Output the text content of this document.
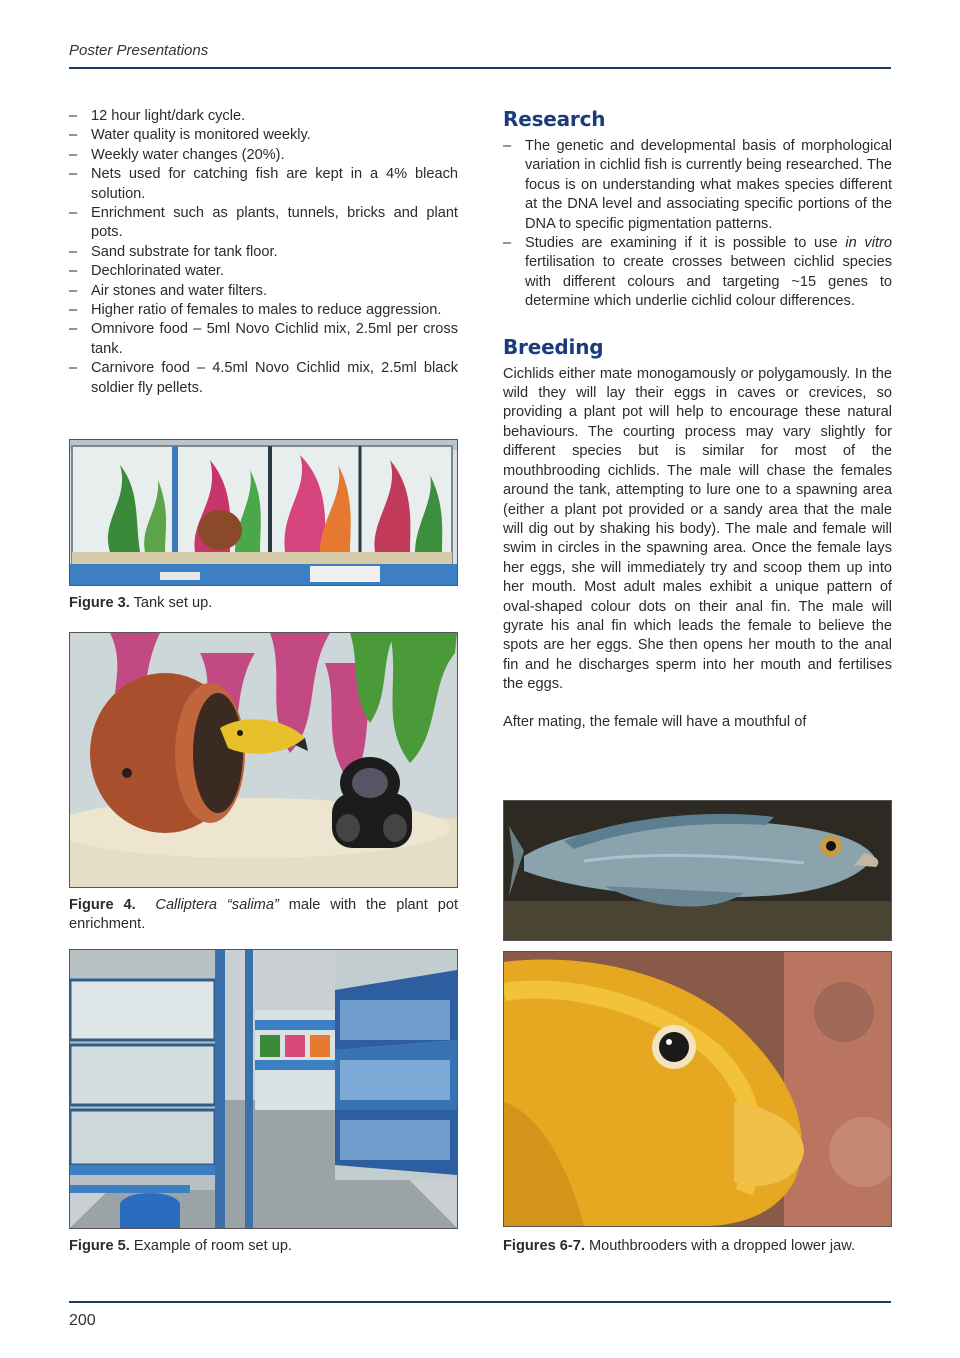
Poster Presentations
– 12 hour light/dark cycle.
– Water quality is monitored weekly.
– Weekly water changes (20%).
– Nets used for catching fish are kept in a 4% bleach solution.
– Enrichment such as plants, tunnels, bricks and plant pots.
– Sand substrate for tank floor.
– Dechlorinated water.
– Air stones and water filters.
– Higher ratio of females to males to reduce aggression.
– Omnivore food – 5ml Novo Cichlid mix, 2.5ml per cross tank.
– Carnivore food – 4.5ml Novo Cichlid mix, 2.5ml black soldier fly pellets.
Figure 3. Tank set up.
Figure 4. Calliptera “salima” male with the plant pot enrichment.
Figure 5. Example of room set up.
Research
– The genetic and developmental basis of morphological variation in cichlid fish is currently being researched. The focus is on understanding what makes species different at the DNA level and associating specific portions of the DNA to specific pigmentation patterns.
– Studies are examining if it is possible to use in vitro fertilisation to create crosses between cichlid species with different colours and targeting ~15 genes to determine which underlie cichlid colour differences.
Breeding

Cichlids either mate monogamously or polygamously. In the wild they will lay their eggs in caves or crevices, so providing a plant pot will help to encourage these natural behaviours. The courting process may vary slightly for different species but is similar for most of the mouthbrooding cichlids. The male will chase the females around the tank, attempting to lure one to a spawning area (either a plant pot provided or a sandy area that the male will dig out by shaking his body). The male and female will swim in circles in the spawning area. Once the female lays her eggs, she will immediately try and scoop them up into her mouth. Most adult males exhibit a unique pattern of oval-shaped colour dots on their anal fin. The male will gyrate his anal fin which leads the female to believe the spots are her eggs. She then opens her mouth to the anal fin and he discharges sperm into her mouth and fertilises the eggs.

After mating, the female will have a mouthful of

Figures 6-7. Mouthbrooders with a dropped lower jaw.
200
